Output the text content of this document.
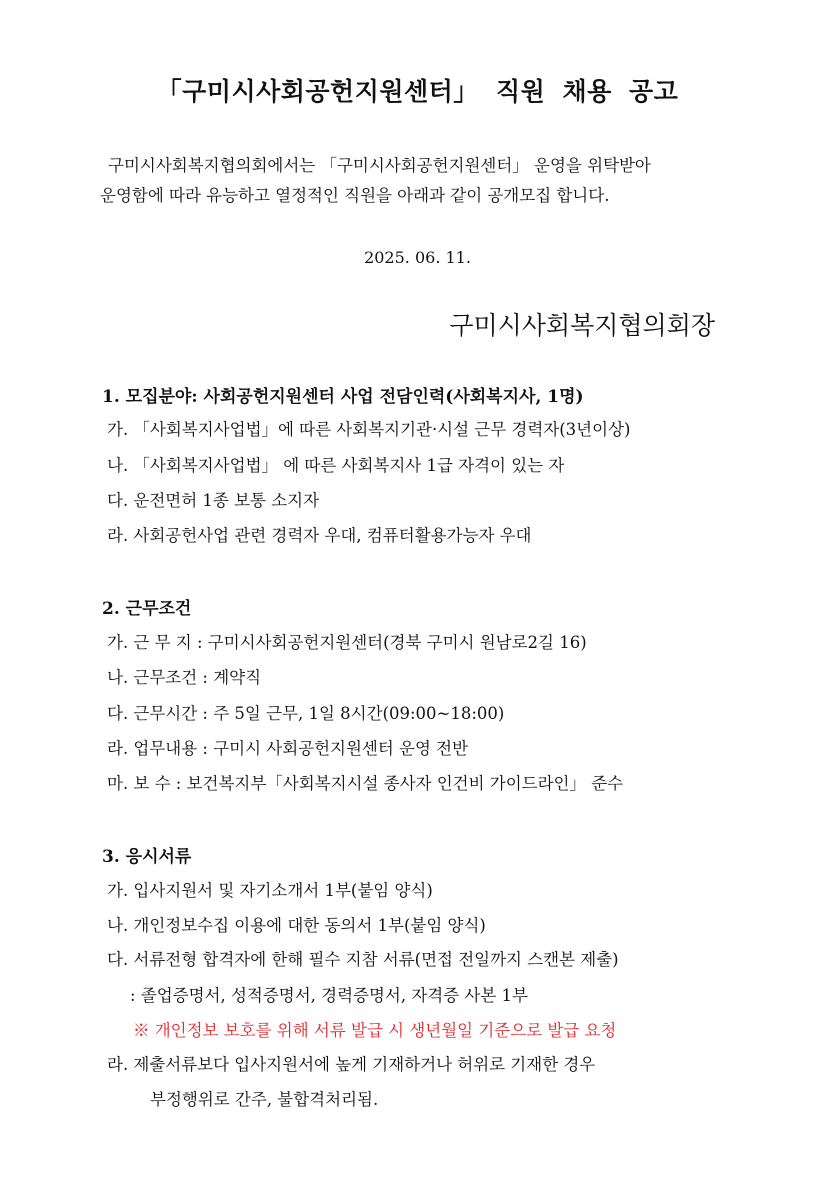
「구미시사회공헌지원센터」 직원 채용 공고
구미시사회복지협의회에서는 「구미시사회공헌지원센터」 운영을 위탁받아
운영함에 따라 유능하고 열정적인 직원을 아래과 같이 공개모집 합니다.
2025. 06. 11.
구미시사회복지협의회장
1. 모집분야: 사회공헌지원센터 사업 전담인력(사회복지사, 1명)
가. 「사회복지사업법」에 따른 사회복지기관·시설 근무 경력자(3년이상)
나. 「사회복지사업법」 에 따른 사회복지사 1급 자격이 있는 자
다. 운전면허 1종 보통 소지자
라. 사회공헌사업 관련 경력자 우대, 컴퓨터활용가능자 우대
2. 근무조건
가. 근 무 지 : 구미시사회공헌지원센터(경북 구미시 원남로2길 16)
나. 근무조건 : 계약직
다. 근무시간 : 주 5일 근무, 1일 8시간(09:00~18:00)
라. 업무내용 : 구미시 사회공헌지원센터 운영 전반
마. 보 수 : 보건복지부「사회복지시설 종사자 인건비 가이드라인」 준수
3. 응시서류
가. 입사지원서 및 자기소개서 1부(붙임 양식)
나. 개인정보수집 이용에 대한 동의서 1부(붙임 양식)
다. 서류전형 합격자에 한해 필수 지참 서류(면접 전일까지 스캔본 제출)
: 졸업증명서, 성적증명서, 경력증명서, 자격증 사본 1부
※ 개인정보 보호를 위해 서류 발급 시 생년월일 기준으로 발급 요청
라. 제출서류보다 입사지원서에 높게 기재하거나 허위로 기재한 경우
부정행위로 간주, 불합격처리됨.
